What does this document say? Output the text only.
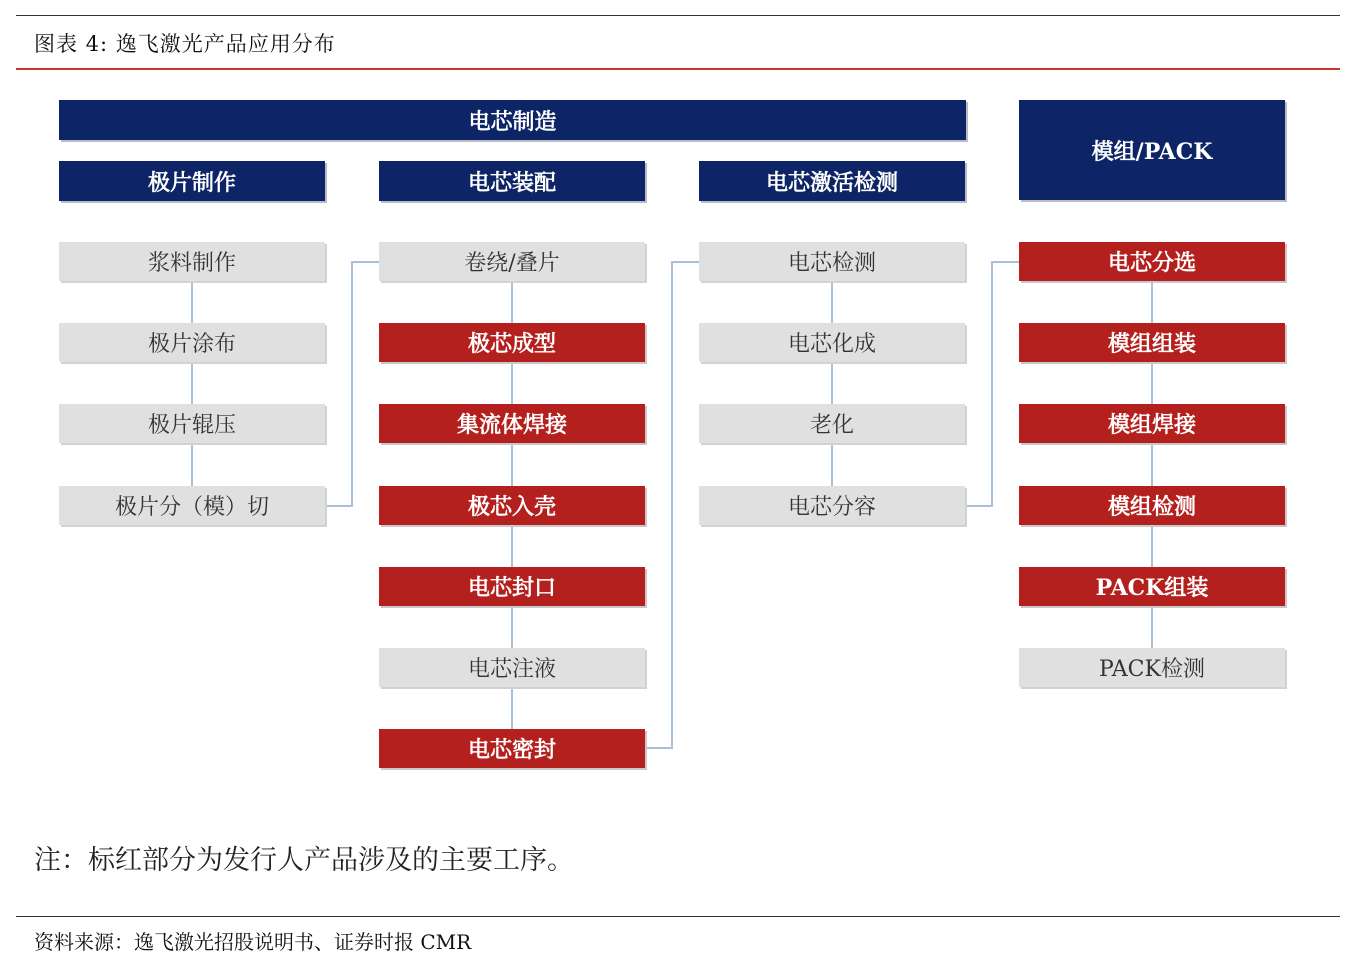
图表 4: 逸飞激光产品应用分布
电芯制造
模组/PACK
极片制作	电芯装配	电芯激活检测
浆料制作
极片涂布
极片辊压
极片分（模）切
卷绕/叠片
极芯成型
集流体焊接
极芯入壳
电芯封口
电芯注液
电芯密封
电芯检测
电芯化成
老化
电芯分容
电芯分选
模组组装
模组焊接
模组检测
PACK组装
PACK检测
注：标红部分为发行人产品涉及的主要工序。
资料来源：逸飞激光招股说明书、证券时报 CMR
